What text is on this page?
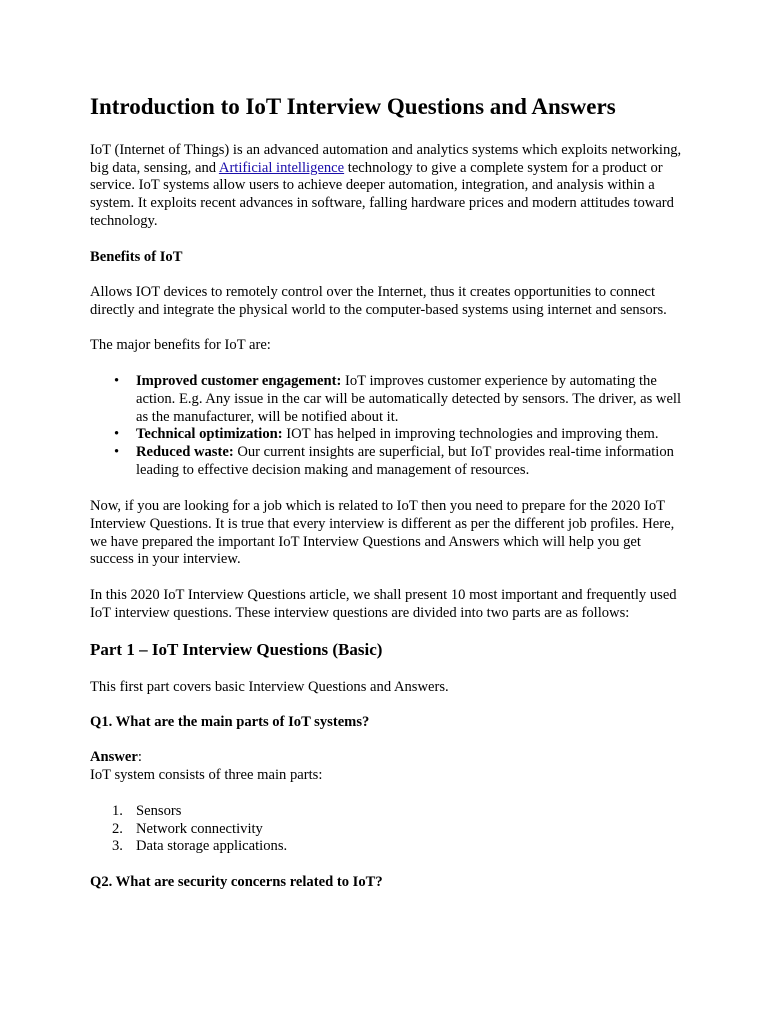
Introduction to IoT Interview Questions and Answers

IoT (Internet of Things) is an advanced automation and analytics systems which exploits networking, big data, sensing, and Artificial intelligence technology to give a complete system for a product or service. IoT systems allow users to achieve deeper automation, integration, and analysis within a system. It exploits recent advances in software, falling hardware prices and modern attitudes toward technology.

Benefits of IoT

Allows IOT devices to remotely control over the Internet, thus it creates opportunities to connect directly and integrate the physical world to the computer-based systems using internet and sensors.

The major benefits for IoT are:

• Improved customer engagement: IoT improves customer experience by automating the action. E.g. Any issue in the car will be automatically detected by sensors. The driver, as well as the manufacturer, will be notified about it.
• Technical optimization: IOT has helped in improving technologies and improving them.
• Reduced waste: Our current insights are superficial, but IoT provides real-time information leading to effective decision making and management of resources.

Now, if you are looking for a job which is related to IoT then you need to prepare for the 2020 IoT Interview Questions. It is true that every interview is different as per the different job profiles. Here, we have prepared the important IoT Interview Questions and Answers which will help you get success in your interview.

In this 2020 IoT Interview Questions article, we shall present 10 most important and frequently used IoT interview questions. These interview questions are divided into two parts are as follows:

Part 1 – IoT Interview Questions (Basic)

This first part covers basic Interview Questions and Answers.

Q1. What are the main parts of IoT systems?

Answer:
IoT system consists of three main parts:
1. Sensors
2. Network connectivity
3. Data storage applications.

Q2. What are security concerns related to IoT?
